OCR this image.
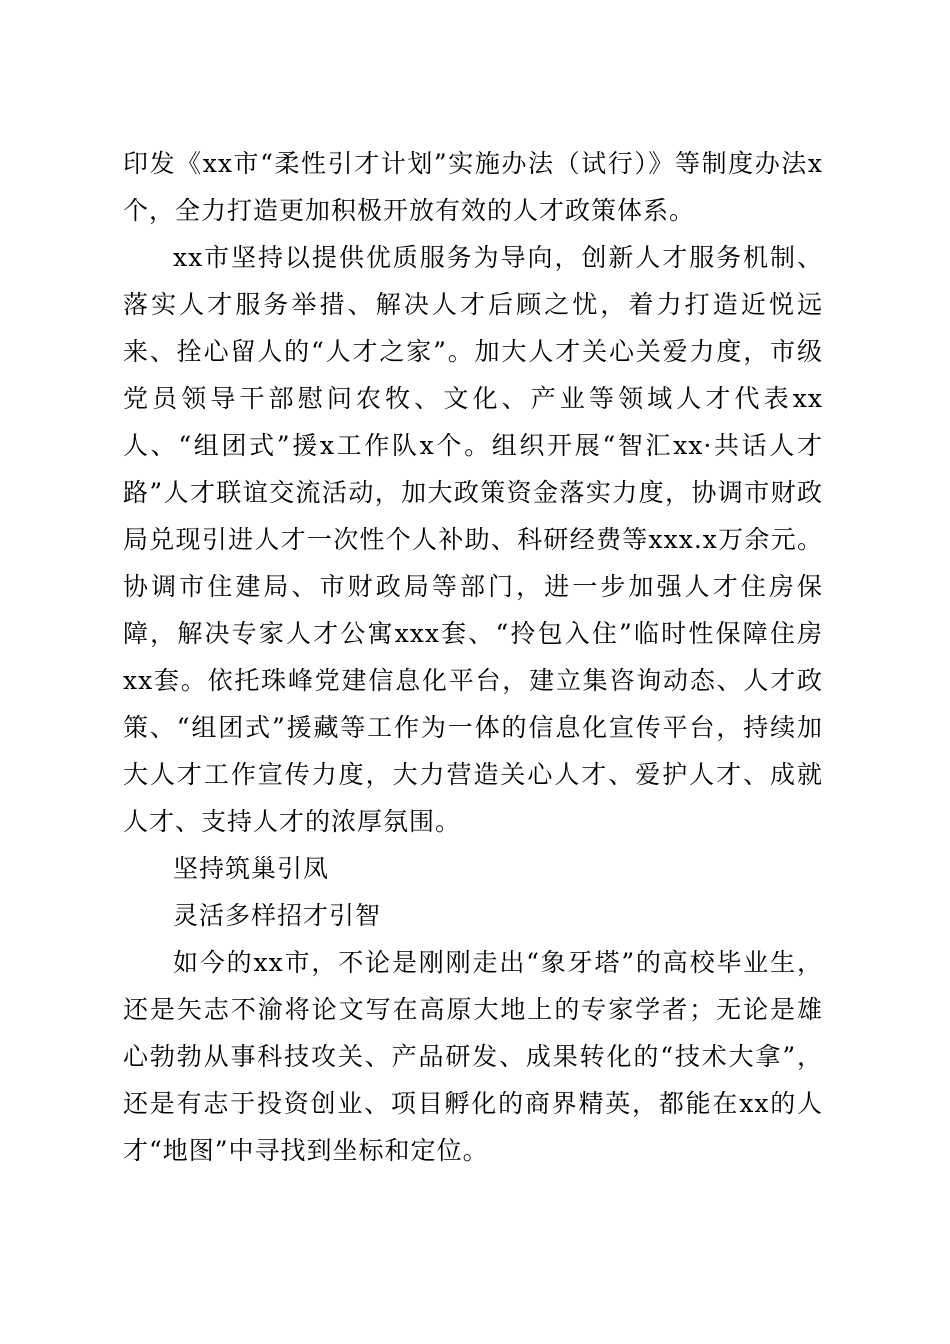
印发《xx市“柔性引才计划”实施办法（试行）》等制度办法x个，全力打造更加积极开放有效的人才政策体系。

xx市坚持以提供优质服务为导向，创新人才服务机制、落实人才服务举措、解决人才后顾之忧，着力打造近悦远来、拴心留人的“人才之家”。加大人才关心关爱力度，市级党员领导干部慰问农牧、文化、产业等领域人才代表xx人、“组团式”援x工作队x个。组织开展“智汇xx·共话人才路”人才联谊交流活动，加大政策资金落实力度，协调市财政局兑现引进人才一次性个人补助、科研经费等xxx.x万余元。协调市住建局、市财政局等部门，进一步加强人才住房保障，解决专家人才公寓xxx套、“拎包入住”临时性保障住房xx套。依托珠峰党建信息化平台，建立集咨询动态、人才政策、“组团式”援藏等工作为一体的信息化宣传平台，持续加大人才工作宣传力度，大力营造关心人才、爱护人才、成就人才、支持人才的浓厚氛围。

坚持筑巢引凤

灵活多样招才引智

如今的xx市，不论是刚刚走出“象牙塔”的高校毕业生，还是矢志不渝将论文写在高原大地上的专家学者；无论是雄心勃勃从事科技攻关、产品研发、成果转化的“技术大拿”，还是有志于投资创业、项目孵化的商界精英，都能在xx的人才“地图”中寻找到坐标和定位。
